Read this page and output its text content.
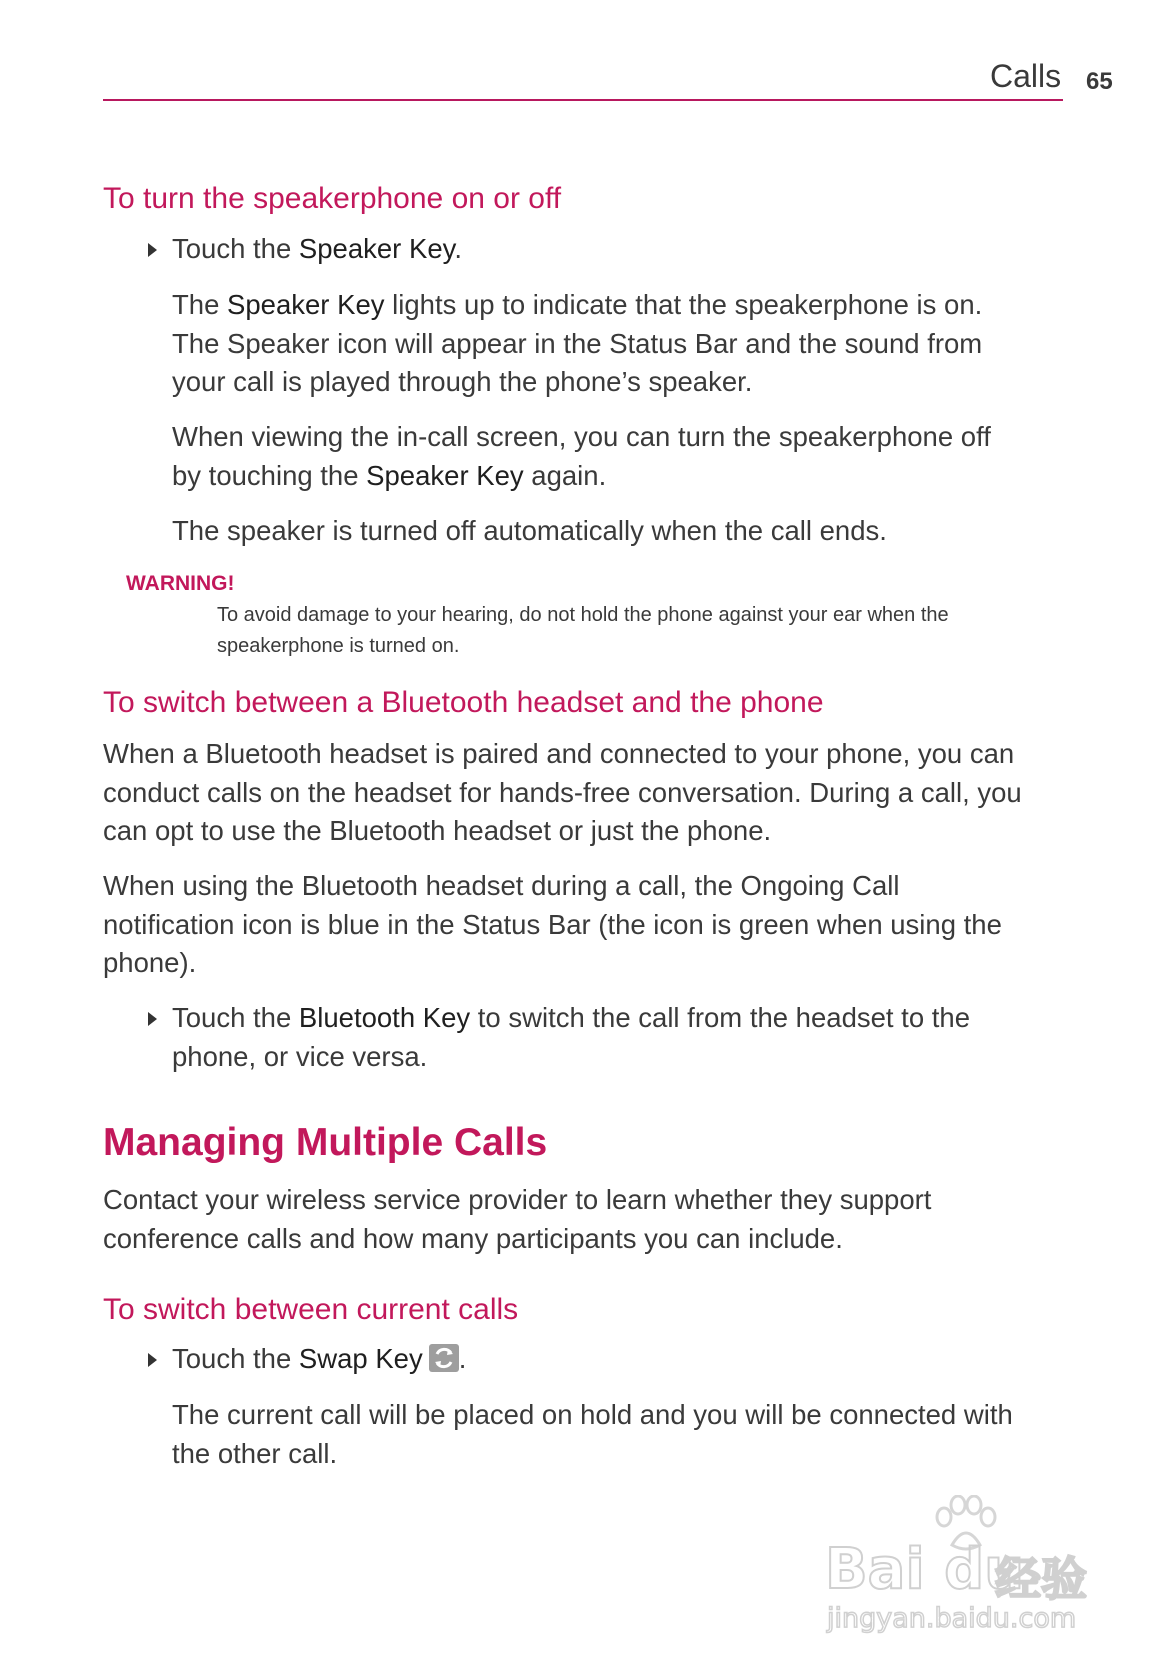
Calls 65
To turn the speakerphone on or off
Touch the Speaker Key.
The Speaker Key lights up to indicate that the speakerphone is on.
The Speaker icon will appear in the Status Bar and the sound from
your call is played through the phone’s speaker.
When viewing the in-call screen, you can turn the speakerphone off
by touching the Speaker Key again.
The speaker is turned off automatically when the call ends.
WARNING!
To avoid damage to your hearing, do not hold the phone against your ear when the
speakerphone is turned on.
To switch between a Bluetooth headset and the phone
When a Bluetooth headset is paired and connected to your phone, you can
conduct calls on the headset for hands-free conversation. During a call, you
can opt to use the Bluetooth headset or just the phone.
When using the Bluetooth headset during a call, the Ongoing Call
notification icon is blue in the Status Bar (the icon is green when using the
phone).
Touch the Bluetooth Key to switch the call from the headset to the
phone, or vice versa.
Managing Multiple Calls
Contact your wireless service provider to learn whether they support
conference calls and how many participants you can include.
To switch between current calls
Touch the Swap Key .
The current call will be placed on hold and you will be connected with
the other call.
Bai du
经验
jingyan.baidu.com
